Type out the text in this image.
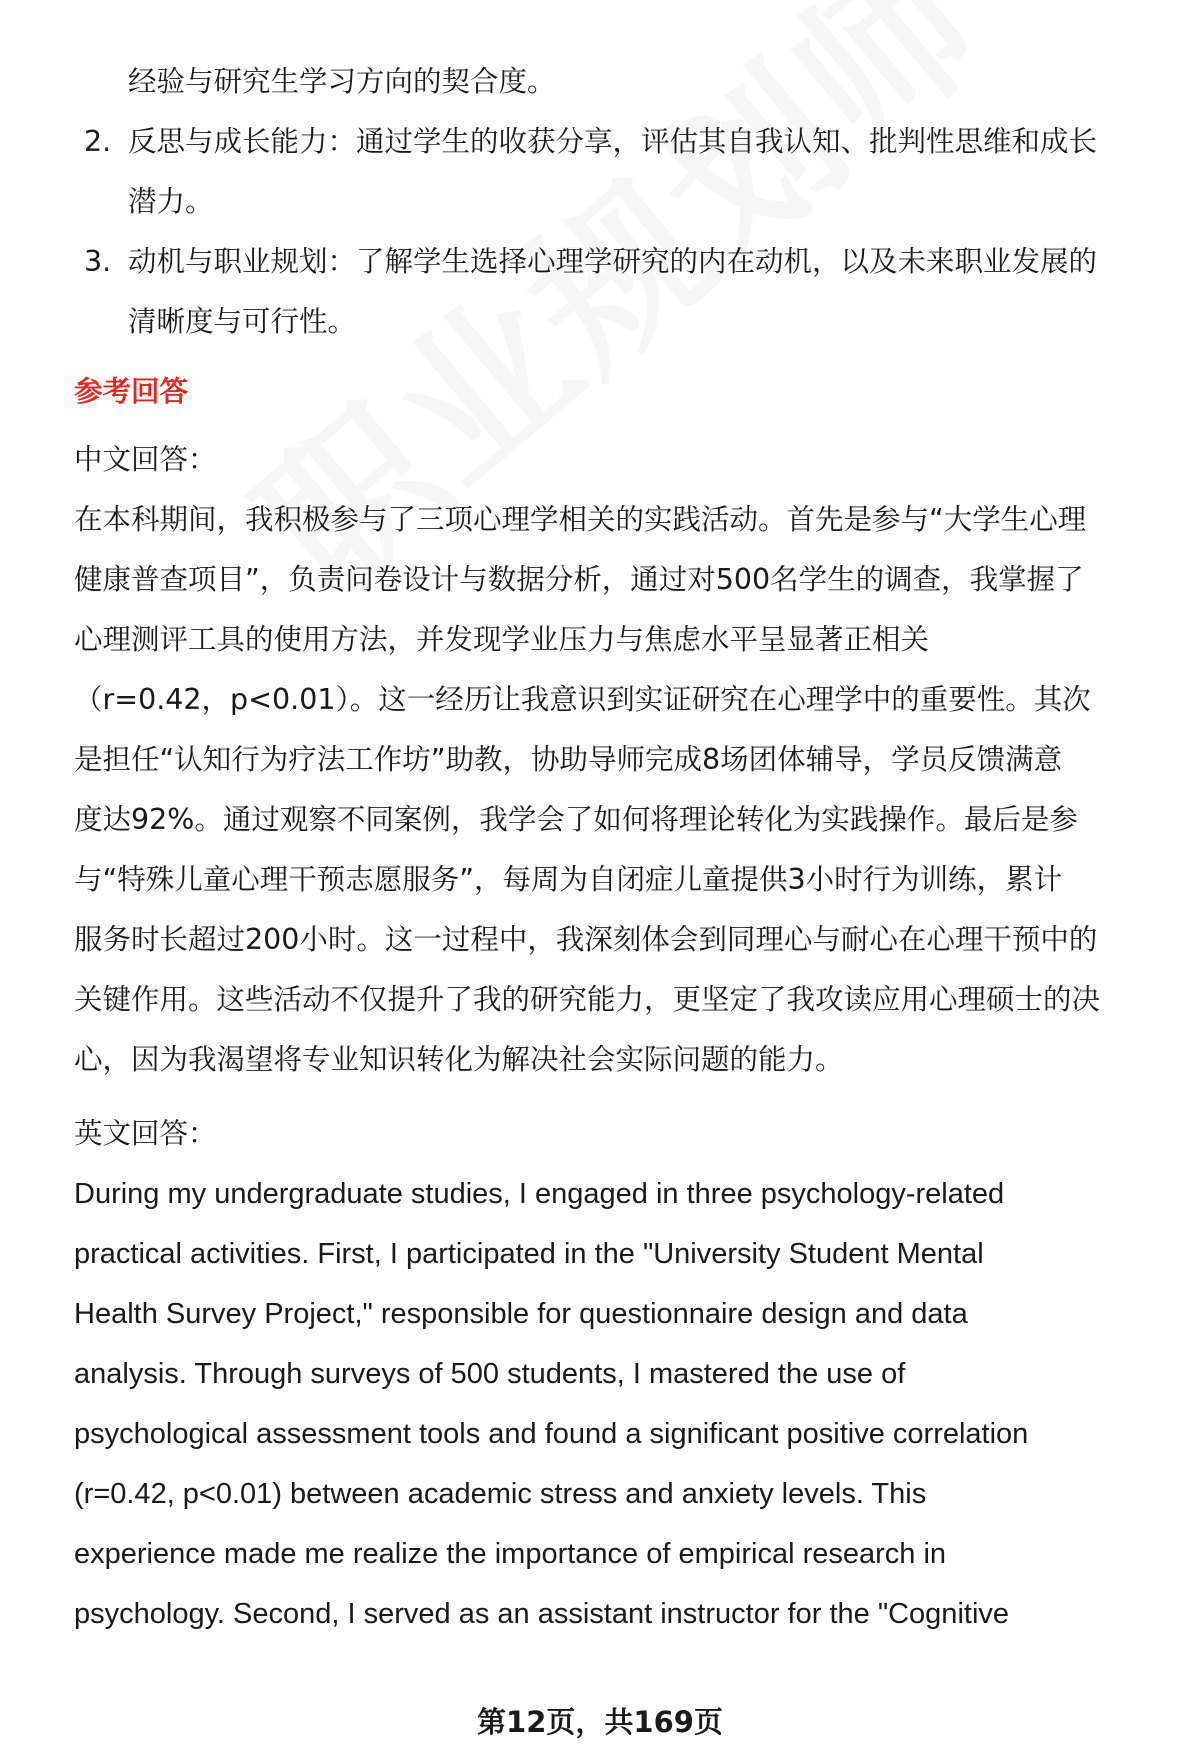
经验与研究生学习方向的契合度。
2. 反思与成长能力：通过学生的收获分享，评估其自我认知、批判性思维和成长
潜力。
3. 动机与职业规划：了解学生选择心理学研究的内在动机，以及未来职业发展的
清晰度与可行性。
参考回答
中文回答：
在本科期间，我积极参与了三项心理学相关的实践活动。首先是参与“大学生心理
健康普查项目”，负责问卷设计与数据分析，通过对500名学生的调查，我掌握了
心理测评工具的使用方法，并发现学业压力与焦虑水平呈显著正相关
（r=0.42，p<0.01）。这一经历让我意识到实证研究在心理学中的重要性。其次
是担任“认知行为疗法工作坊”助教，协助导师完成8场团体辅导，学员反馈满意
度达92%。通过观察不同案例，我学会了如何将理论转化为实践操作。最后是参
与“特殊儿童心理干预志愿服务”，每周为自闭症儿童提供3小时行为训练，累计
服务时长超过200小时。这一过程中，我深刻体会到同理心与耐心在心理干预中的
关键作用。这些活动不仅提升了我的研究能力，更坚定了我攻读应用心理硕士的决
心，因为我渴望将专业知识转化为解决社会实际问题的能力。
英文回答：
During my undergraduate studies, I engaged in three psychology-related
practical activities. First, I participated in the "University Student Mental
Health Survey Project," responsible for questionnaire design and data
analysis. Through surveys of 500 students, I mastered the use of
psychological assessment tools and found a significant positive correlation
(r=0.42, p<0.01) between academic stress and anxiety levels. This
experience made me realize the importance of empirical research in
psychology. Second, I served as an assistant instructor for the "Cognitive
第12页，共169页
